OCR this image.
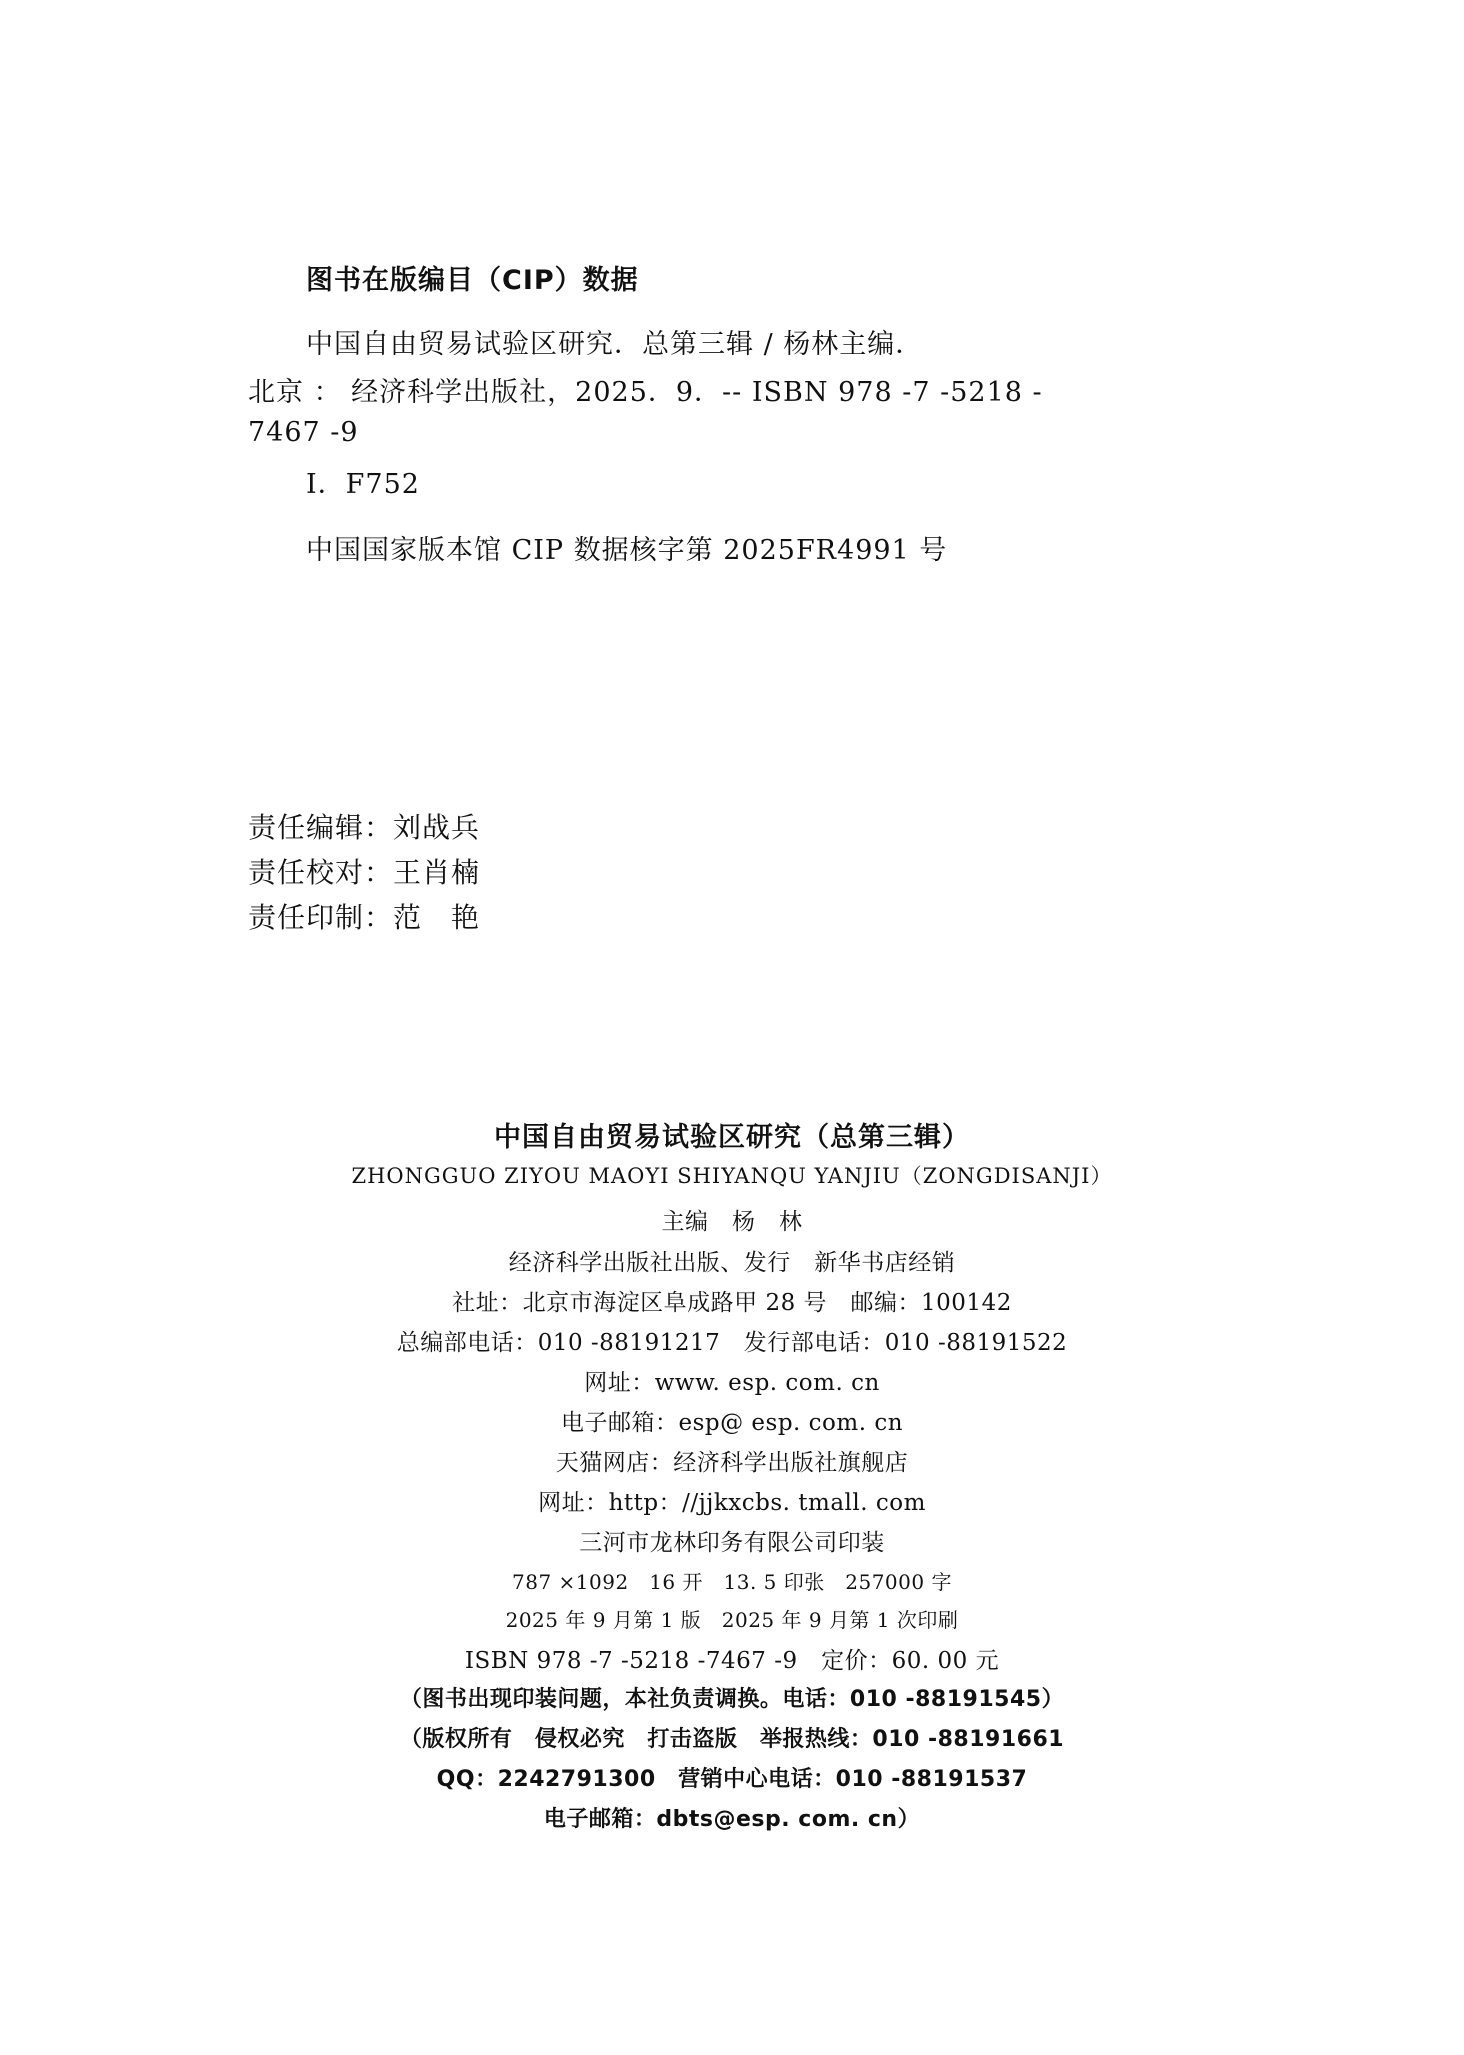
图书在版编目（CIP）数据
中国自由贸易试验区研究．总第三辑 / 杨林主编．
北京 ： 经济科学出版社，2025．9．-- ISBN 978 -7 -5218 -
7467 -9
Ⅰ．F752
中国国家版本馆 CIP 数据核字第 2025FR4991 号
责任编辑：刘战兵
责任校对：王肖楠
责任印制：范　艳
中国自由贸易试验区研究（总第三辑）
ZHONGGUO ZIYOU MAOYI SHIYANQU YANJIU（ZONGDISANJI）
主编　杨　林
经济科学出版社出版、发行　新华书店经销
社址：北京市海淀区阜成路甲 28 号　邮编：100142
总编部电话：010 -88191217　发行部电话：010 -88191522
网址：www. esp. com. cn
电子邮箱：esp@ esp. com. cn
天猫网店：经济科学出版社旗舰店
网址：http：//jjkxcbs. tmall. com
三河市龙林印务有限公司印装
787 ×1092　16 开　13. 5 印张　257000 字
2025 年 9 月第 1 版　2025 年 9 月第 1 次印刷
ISBN 978 -7 -5218 -7467 -9　定价：60. 00 元
（图书出现印装问题，本社负责调换。电话：010 -88191545）
（版权所有　侵权必究　打击盗版　举报热线：010 -88191661
QQ：2242791300　营销中心电话：010 -88191537
电子邮箱：dbts@esp. com. cn）
